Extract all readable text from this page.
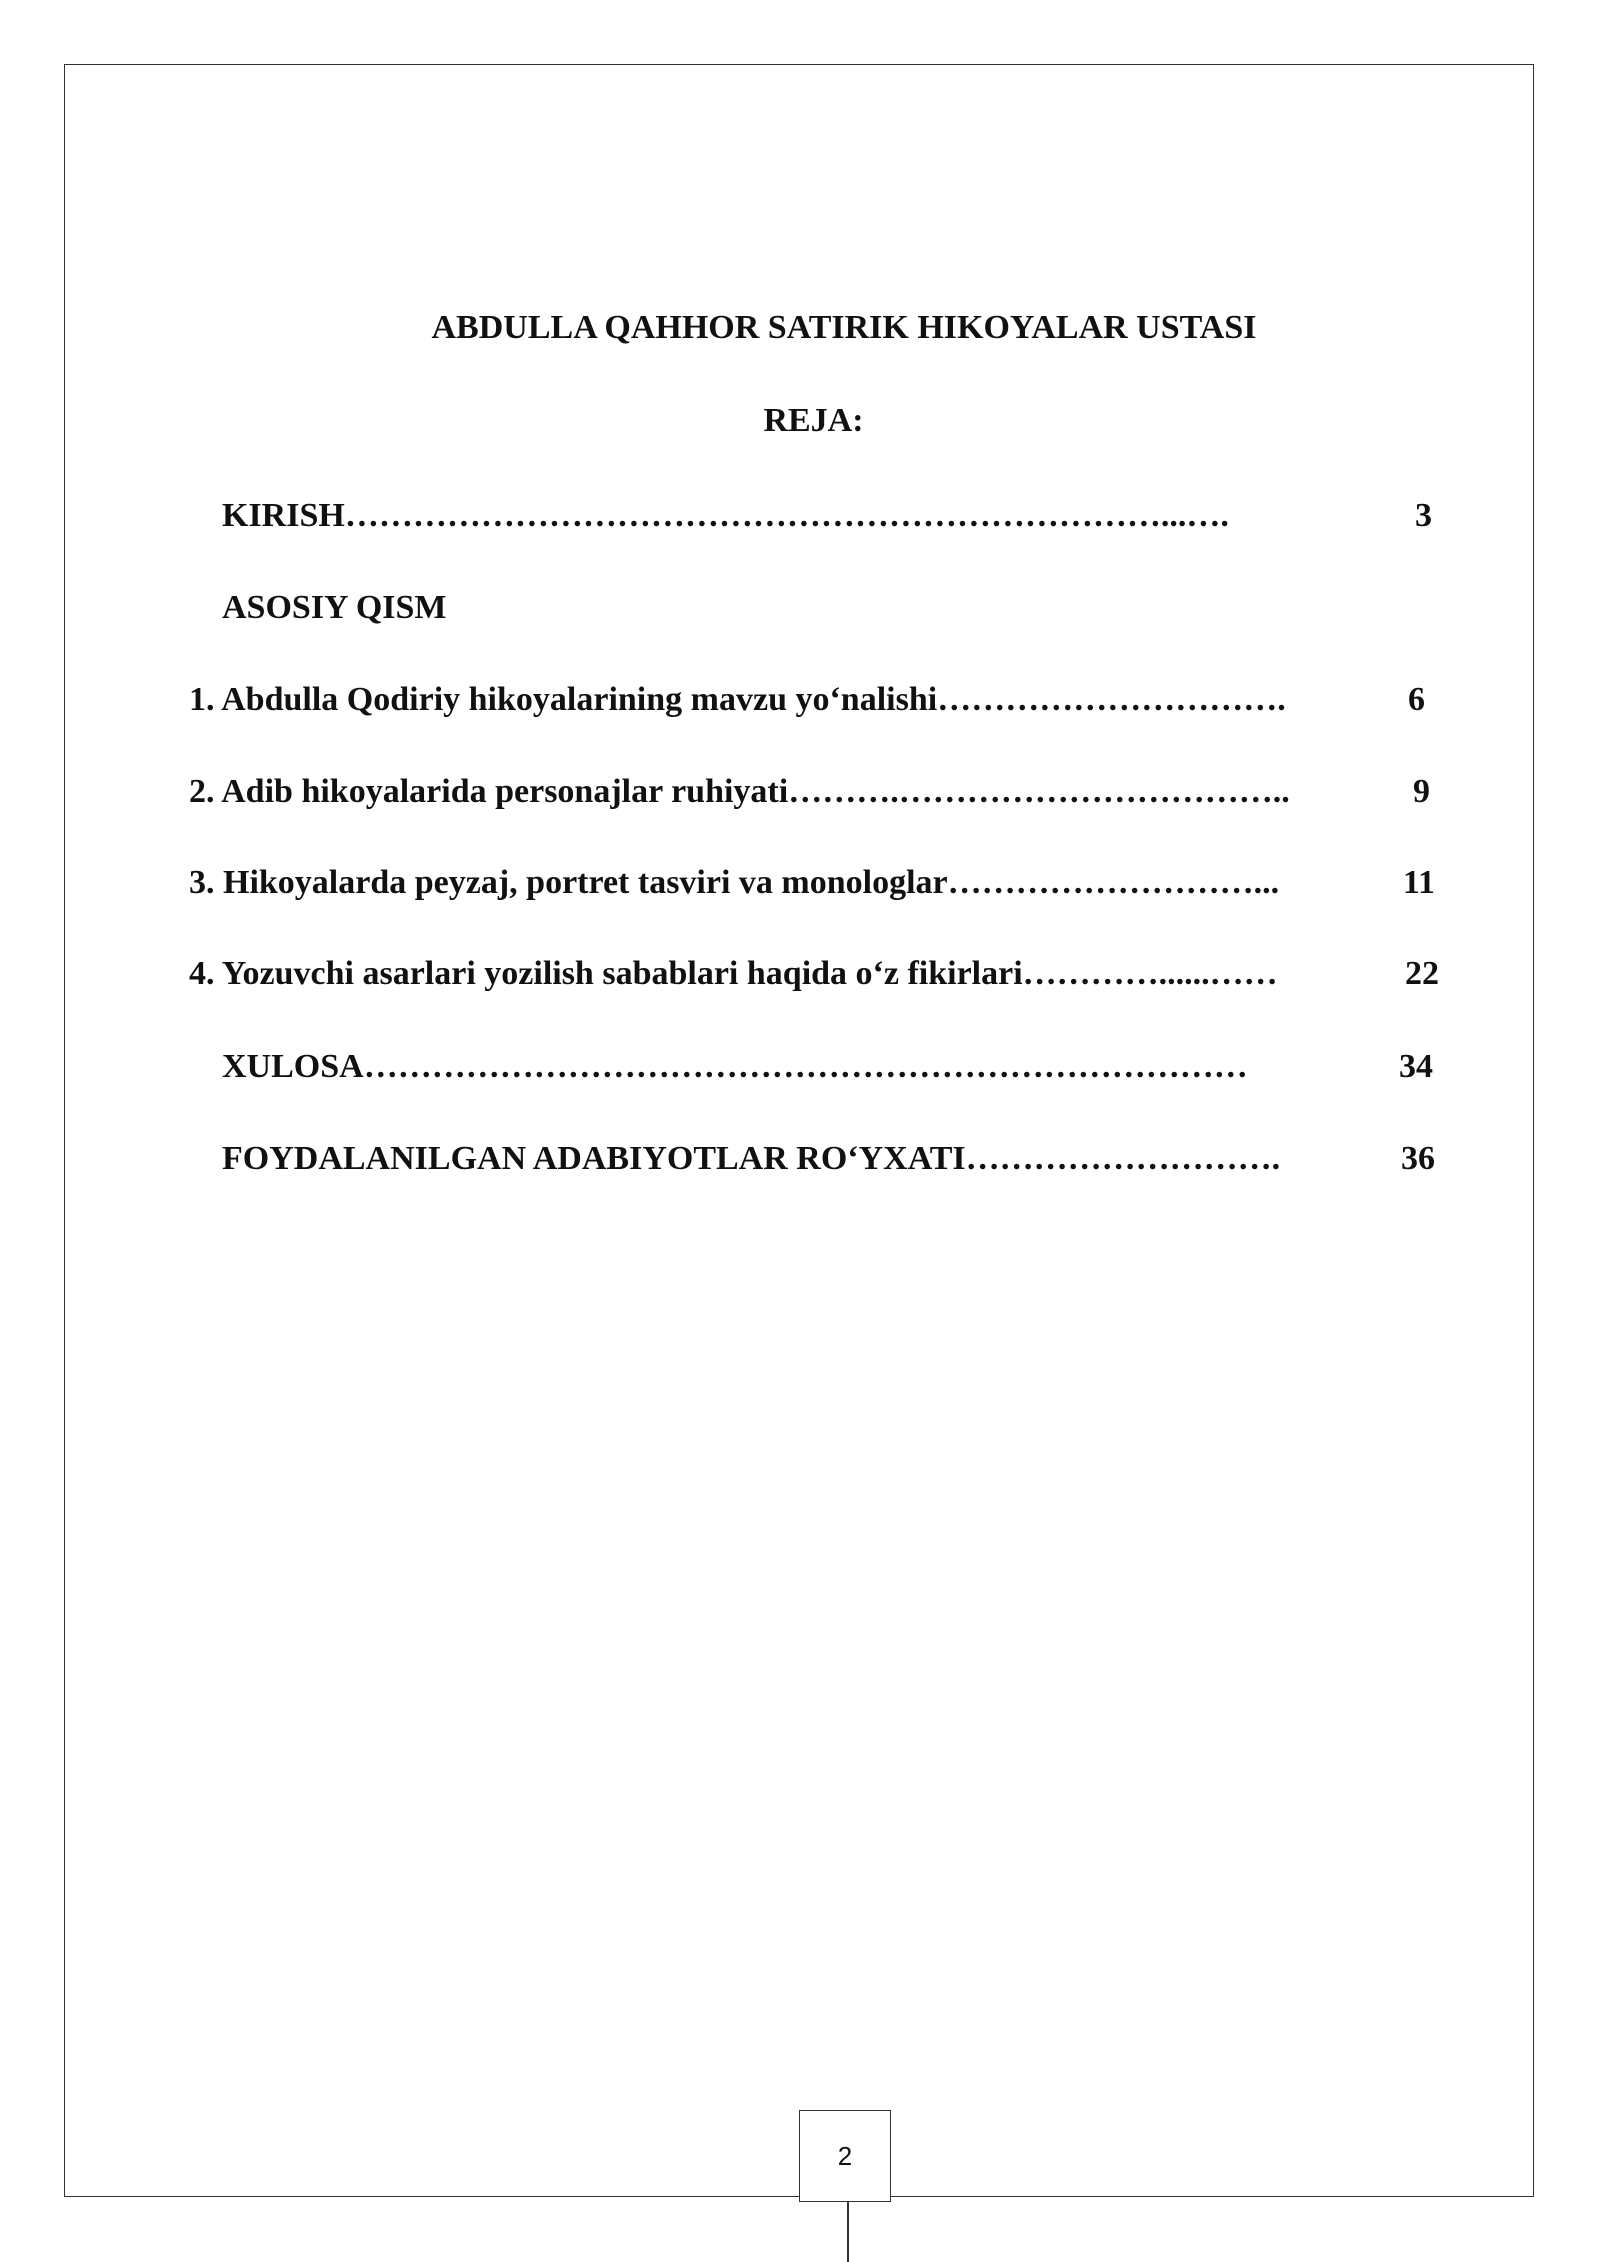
ABDULLA QAHHOR SATIRIK HIKOYALAR USTASI
REJA:
KIRISH ………………………………………………………………...….	3
ASOSIY QISM
1. Abdulla Qodiriy hikoyalarining mavzu yo‘nalishi ………………………….	6
2. Adib hikoyalarida personajlar ruhiyati ……….……………………………..	9
3. Hikoyalarda peyzaj, portret tasviri va monologlar ………………………...	11
4. Yozuvchi asarlari yozilish sabablari haqida o‘z fikirlari …………......……	22
XULOSA ……………………………………………………………………	34
FOYDALANILGAN ADABIYOTLAR RO‘YXATI ……………………….	36
2
